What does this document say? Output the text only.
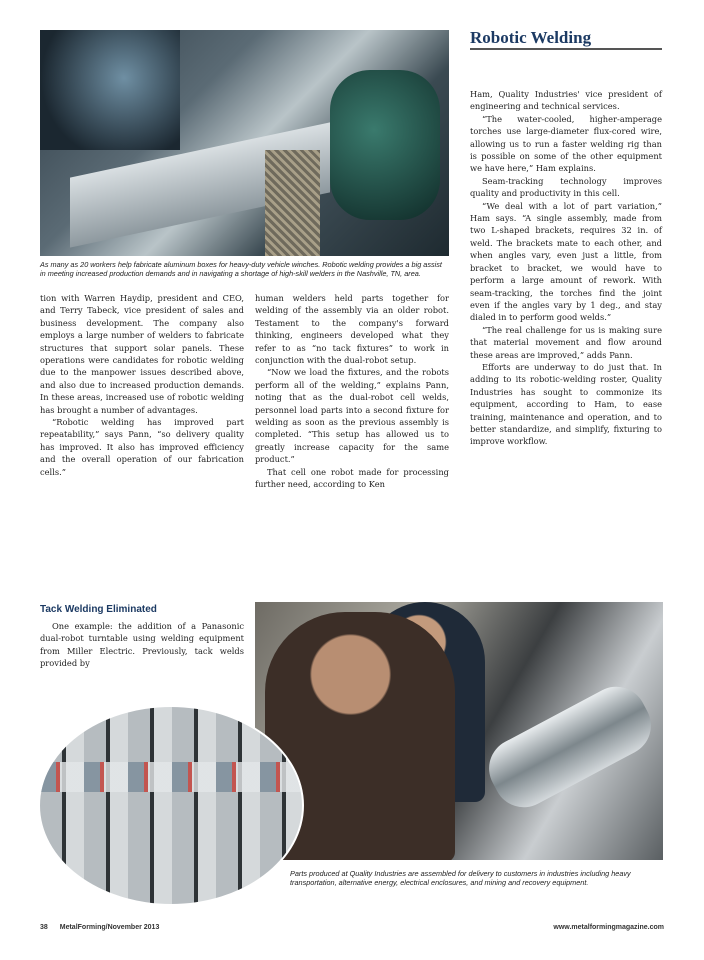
As many as 20 workers help fabricate aluminum boxes for heavy-duty vehicle winches. Robotic welding provides a big assist in meeting increased production demands and in navigating a shortage of high-skill welders in the Nashville, TN, area.
Robotic Welding

Ham, Quality Industries' vice president of engineering and technical services.

“The water-cooled, higher-amperage torches use large-diameter flux-cored wire, allowing us to run a faster welding rig than is possible on some of the other equipment we have here,” Ham explains.

Seam-tracking technology improves quality and productivity in this cell.

“We deal with a lot of part variation,” Ham says. “A single assembly, made from two L-shaped brackets, requires 32 in. of weld. The brackets mate to each other, and when angles vary, even just a little, from bracket to bracket, we would have to perform a large amount of rework. With seam-tracking, the torches find the joint even if the angles vary by 1 deg., and stay dialed in to perform good welds.”

“The real challenge for us is making sure that material movement and flow around these areas are improved,” adds Pann.

Efforts are underway to do just that. In adding to its robotic-welding roster, Quality Industries has sought to commonize its equipment, according to Ham, to ease training, maintenance and operation, and to better standardize, and simplify, fixturing to improve workflow.

tion with Warren Haydip, president and CEO, and Terry Tabeck, vice president of sales and business development. The company also employs a large number of welders to fabricate structures that support solar panels. These operations were candidates for robotic welding due to the manpower issues described above, and also due to increased production demands. In these areas, increased use of robotic welding has brought a number of advantages.

“Robotic welding has improved part repeatability,” says Pann, “so delivery quality has improved. It also has improved efficiency and the overall operation of our fabrication cells.”

human welders held parts together for welding of the assembly via an older robot. Testament to the company's forward thinking, engineers developed what they refer to as “no tack fixtures” to work in conjunction with the dual-robot setup.

“Now we load the fixtures, and the robots perform all of the welding,” explains Pann, noting that as the dual-robot cell welds, personnel load parts into a second fixture for welding as soon as the previous assembly is completed. “This setup has allowed us to greatly increase capacity for the same product.”

That cell one robot made for processing further need, according to Ken

Tack Welding Eliminated

One example: the addition of a Panasonic dual-robot turntable using welding equipment from Miller Electric. Previously, tack welds provided by

Parts produced at Quality Industries are assembled for delivery to customers in industries including heavy transportation, alternative energy, electrical enclosures, and mining and recovery equipment.
38 MetalForming/November 2013	www.metalformingmagazine.com
